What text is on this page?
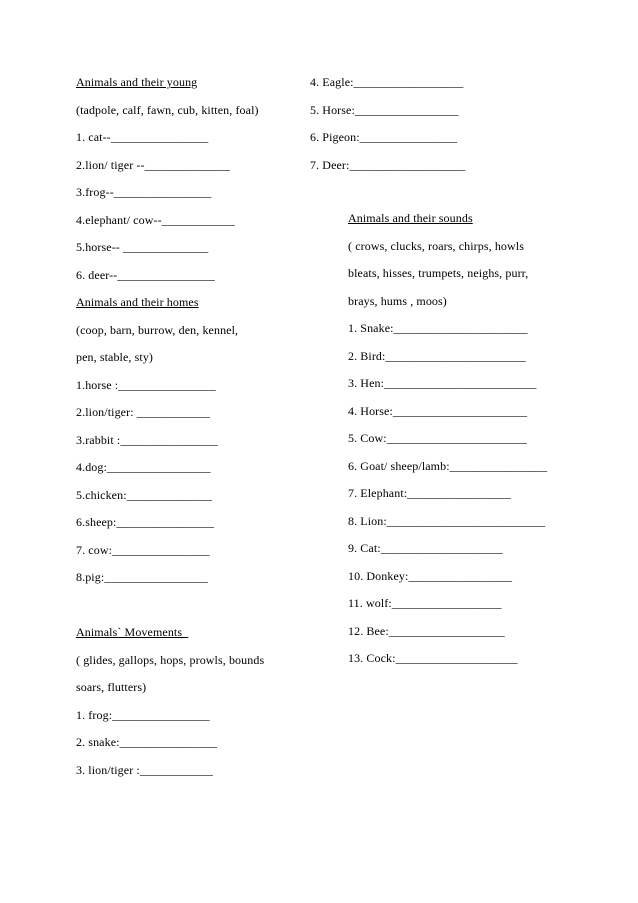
Animals and their young
(tadpole, calf, fawn, cub, kitten, foal)
1. cat--________________
2.lion/ tiger --______________
3.frog--________________
4.elephant/ cow--____________
5.horse-- ______________
6. deer--________________
Animals and their homes
(coop, barn, burrow, den, kennel,
pen, stable, sty)
1.horse :________________
2.lion/tiger: ____________
3.rabbit :________________
4.dog:_________________
5.chicken:______________
6.sheep:________________
7. cow:________________
8.pig:_________________
Animals` Movements_
( glides, gallops, hops, prowls, bounds
soars, flutters)
1. frog:________________
2. snake:________________
3. lion/tiger :____________
4. Eagle:__________________
5. Horse:_________________
6. Pigeon:________________
7. Deer:___________________
Animals and their sounds
( crows, clucks, roars, chirps, howls
bleats, hisses, trumpets, neighs, purr,
brays, hums , moos)
1. Snake:______________________
2. Bird:_______________________
3. Hen:_________________________
4. Horse:______________________
5. Cow:_______________________
6. Goat/ sheep/lamb:________________
7. Elephant:_________________
8. Lion:__________________________
9. Cat:____________________
10. Donkey:_________________
11. wolf:__________________
12. Bee:___________________
13. Cock:____________________
